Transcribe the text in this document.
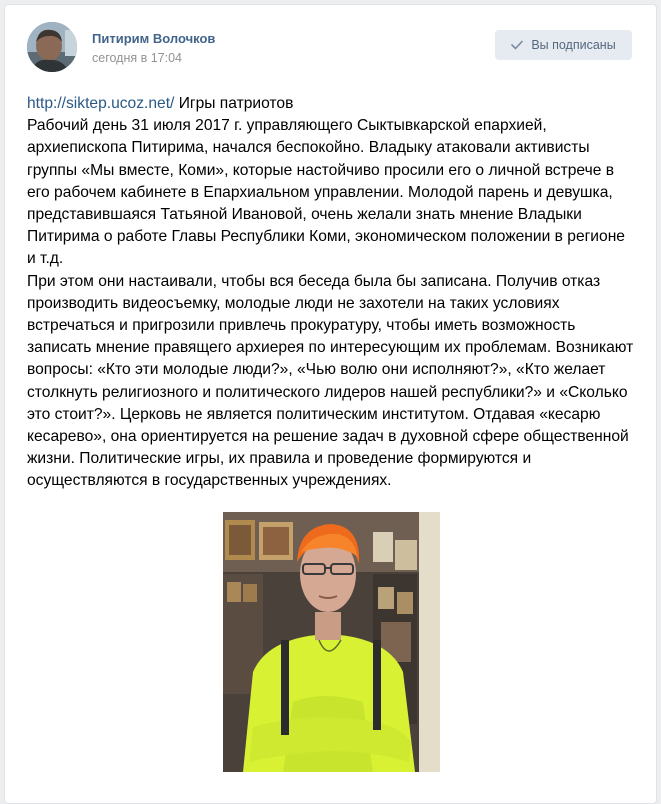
Питирим Волочков
сегодня в 17:04
Вы подписаны

http://siktep.ucoz.net/ Игры патриотов

Рабочий день 31 июля 2017 г. управляющего Сыктывкарской епархией, архиепископа Питирима, начался беспокойно. Владыку атаковали активисты группы «Мы вместе, Коми», которые настойчиво просили его о личной встрече в его рабочем кабинете в Епархиальном управлении. Молодой парень и девушка, представившаяся Татьяной Ивановой, очень желали знать мнение Владыки Питирима о работе Главы Республики Коми, экономическом положении в регионе и т.д.

При этом они настаивали, чтобы вся беседа была бы записана. Получив отказ производить видеосъемку, молодые люди не захотели на таких условиях встречаться и пригрозили привлечь прокуратуру, чтобы иметь возможность записать мнение правящего архиерея по интересующим их проблемам. Возникают вопросы: «Кто эти молодые люди?», «Чью волю они исполняют?», «Кто желает столкнуть религиозного и политического лидеров нашей республики?» и «Сколько это стоит?». Церковь не является политическим институтом. Отдавая «кесарю кесарево», она ориентируется на решение задач в духовной сфере общественной жизни. Политические игры, их правила и проведение формируются и осуществляются в государственных учреждениях.
